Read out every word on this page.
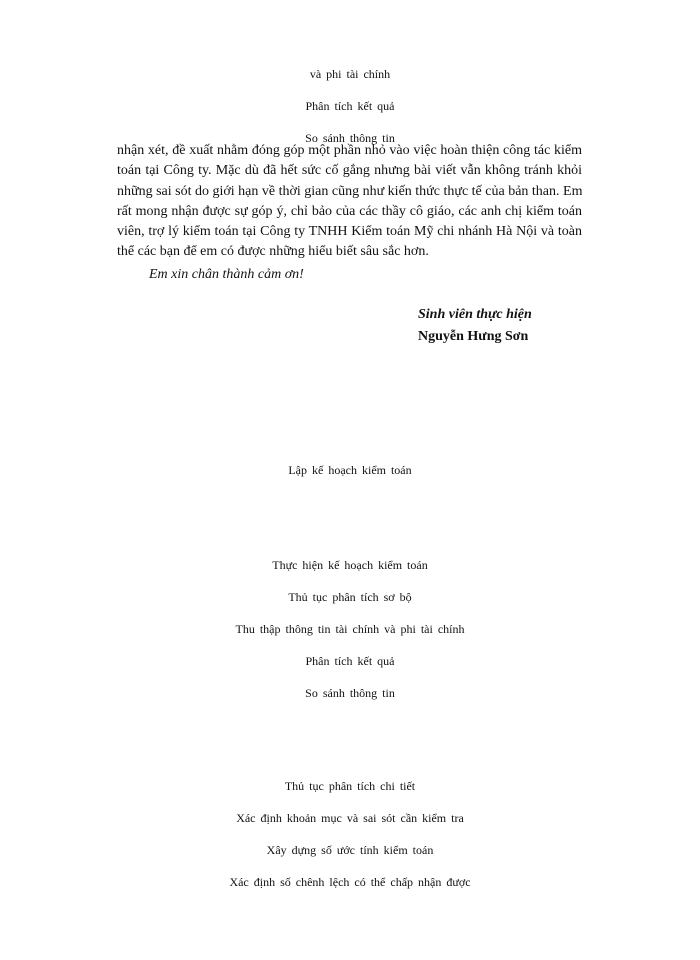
và phi tài chính
Phân tích kết quả
So sánh thông tin
nhận xét, đề xuất nhằm đóng góp một phần nhỏ vào việc hoàn thiện công tác kiểm
toán tại Công ty. Mặc dù đã hết sức cố gắng nhưng bài viết vẫn không tránh khỏi
những sai sót do giới hạn về thời gian cũng như kiến thức thực tế của bản than. Em
rất mong nhận được sự góp ý, chỉ bảo của các thầy cô giáo, các anh chị kiểm toán
viên, trợ lý kiểm toán tại Công ty TNHH Kiểm toán Mỹ chi nhánh Hà Nội và toàn
thể các bạn để em có được những hiểu biết sâu sắc hơn.
Em xin chân thành cảm ơn!
Sinh viên thực hiện
Nguyễn Hưng Sơn
Lập kế hoạch kiểm toán
Thực hiện kế hoạch kiểm toán
Thủ tục phân tích sơ bộ
Thu thập thông tin tài chính và phi tài chính
Phân tích kết quả
So sánh thông tin
Thủ tục phân tích chi tiết
Xác định khoản mục và sai sót cần kiểm tra
Xây dựng số ước tính kiểm toán
Xác định số chênh lệch có thể chấp nhận được
